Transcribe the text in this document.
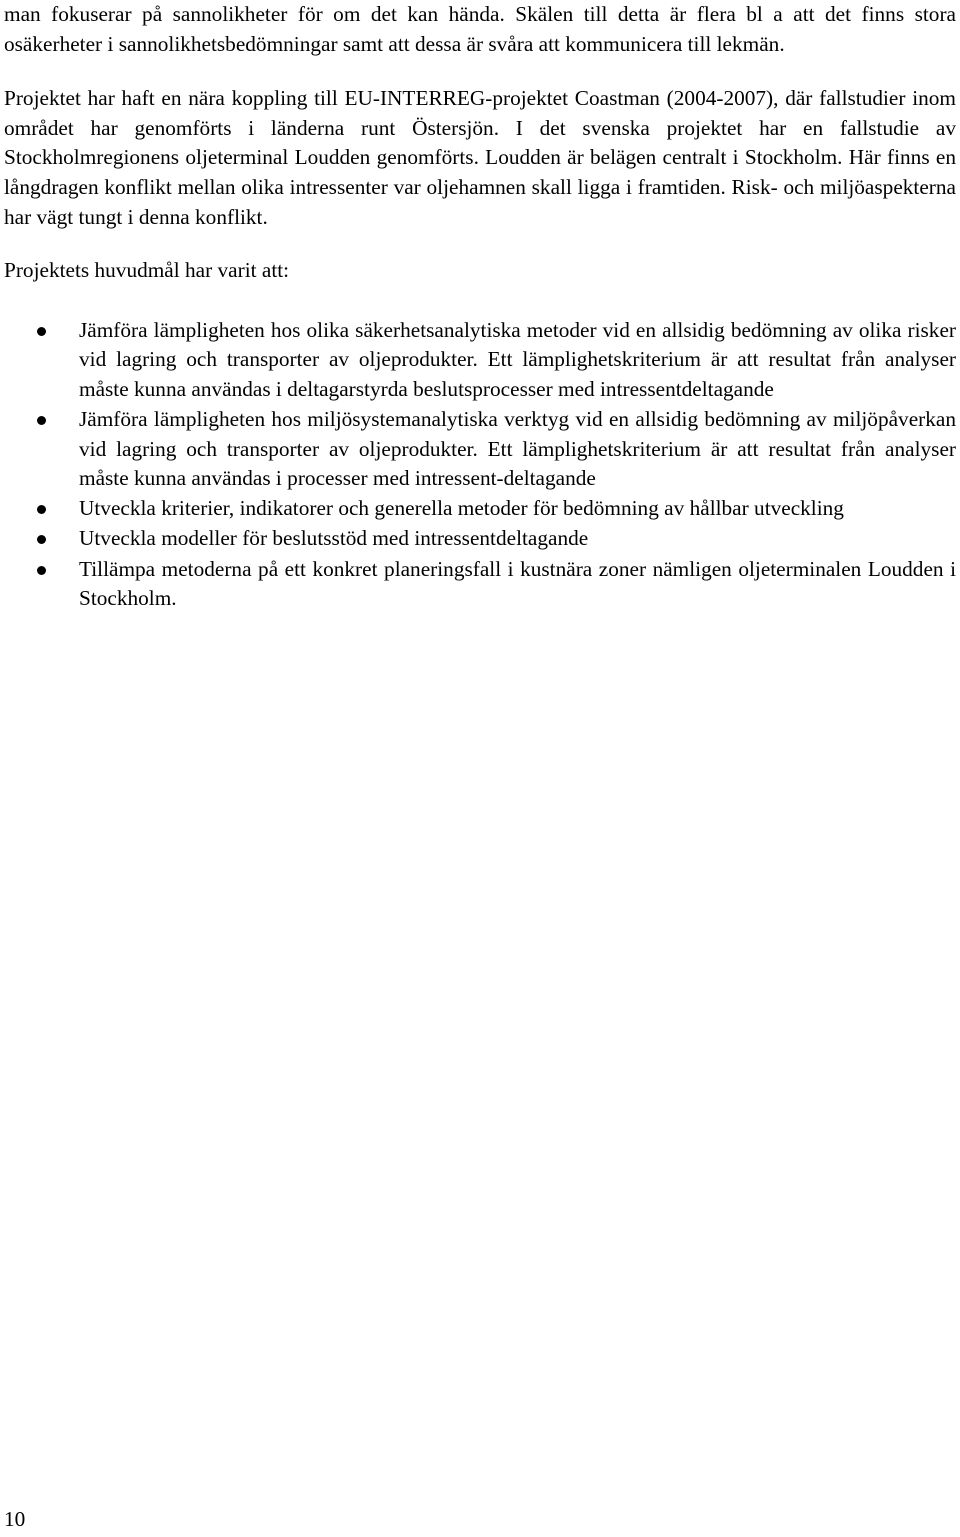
man fokuserar på sannolikheter för om det kan hända. Skälen till detta är flera bl a att det finns stora osäkerheter i sannolikhetsbedömningar samt att dessa är svåra att kommunicera till lekmän.

Projektet har haft en nära koppling till EU-INTERREG-projektet Coastman (2004-2007), där fallstudier inom området har genomförts i länderna runt Östersjön. I det svenska projektet har en fallstudie av Stockholmregionens oljeterminal Loudden genomförts. Loudden är belägen centralt i Stockholm. Här finns en långdragen konflikt mellan olika intressenter var oljehamnen skall ligga i framtiden. Risk- och miljöaspekterna har vägt tungt i denna konflikt.

Projektets huvudmål har varit att:

Jämföra lämpligheten hos olika säkerhetsanalytiska metoder vid en allsidig bedömning av olika risker vid lagring och transporter av oljeprodukter. Ett lämplighetskriterium är att resultat från analyser måste kunna användas i deltagarstyrda beslutsprocesser med intressentdeltagande
Jämföra lämpligheten hos miljösystemanalytiska verktyg vid en allsidig bedömning av miljöpåverkan vid lagring och transporter av oljeprodukter. Ett lämplighetskriterium är att resultat från analyser måste kunna användas i processer med intressent-deltagande
Utveckla kriterier, indikatorer och generella metoder för bedömning av hållbar utveckling
Utveckla modeller för beslutsstöd med intressentdeltagande
Tillämpa metoderna på ett konkret planeringsfall i kustnära zoner nämligen oljeterminalen Loudden i Stockholm.
10
